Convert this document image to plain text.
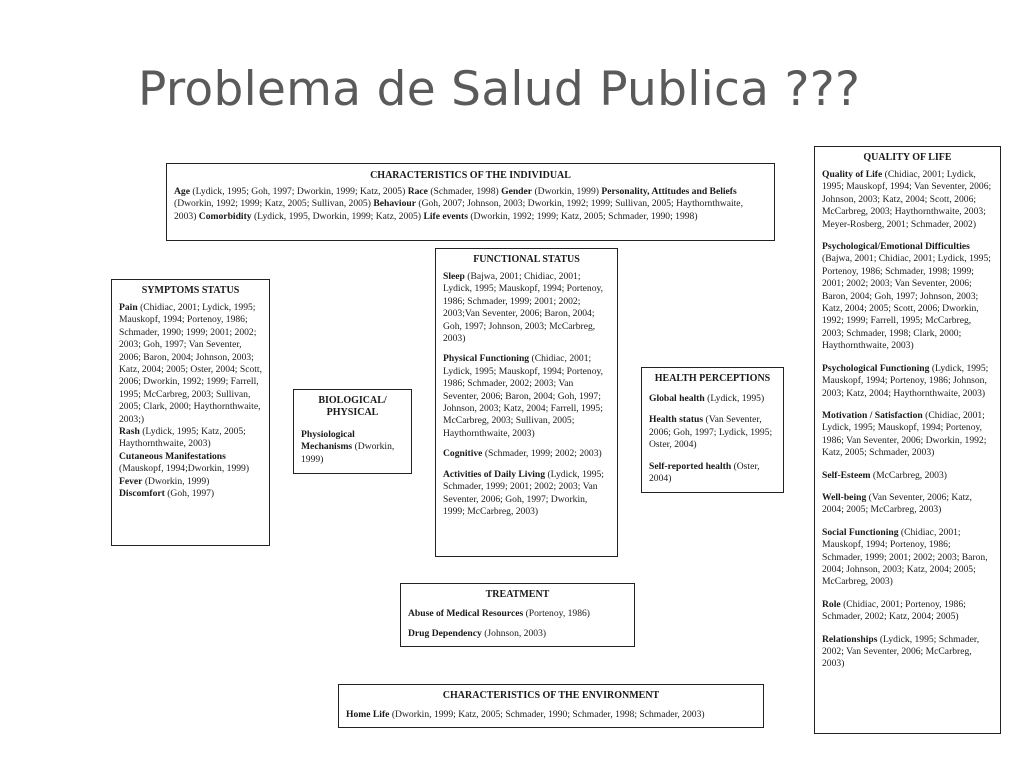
Problema de Salud Publica ???
CHARACTERISTICS OF THE INDIVIDUAL

Age (Lydick, 1995; Goh, 1997; Dworkin, 1999; Katz, 2005) Race (Schmader, 1998) Gender (Dworkin, 1999) Personality, Attitudes and Beliefs (Dworkin, 1992; 1999; Katz, 2005; Sullivan, 2005) Behaviour (Goh, 2007; Johnson, 2003; Dworkin, 1992; 1999; Sullivan, 2005; Haythornthwaite, 2003) Comorbidity (Lydick, 1995, Dworkin, 1999; Katz, 2005) Life events (Dworkin, 1992; 1999; Katz, 2005; Schmader, 1990; 1998)

SYMPTOMS STATUS
Pain (Chidiac, 2001; Lydick, 1995; Mauskopf, 1994; Portenoy, 1986; Schmader, 1990; 1999; 2001; 2002; 2003; Goh, 1997; Van Seventer, 2006; Baron, 2004; Johnson, 2003; Katz, 2004; 2005; Oster, 2004; Scott, 2006; Dworkin, 1992; 1999; Farrell, 1995; McCarbreg, 2003; Sullivan, 2005; Clark, 2000; Haythornthwaite, 2003;)
Rash (Lydick, 1995; Katz, 2005; Haythornthwaite, 2003)
Cutaneous Manifestations (Mauskopf, 1994;Dworkin, 1999)
Fever (Dworkin, 1999)
Discomfort (Goh, 1997)
BIOLOGICAL/ PHYSICAL
Physiological Mechanisms (Dworkin, 1999)
FUNCTIONAL STATUS
Sleep (Bajwa, 2001; Chidiac, 2001; Lydick, 1995; Mauskopf, 1994; Portenoy, 1986; Schmader, 1999; 2001; 2002; 2003;Van Seventer, 2006; Baron, 2004; Goh, 1997; Johnson, 2003; McCarbreg, 2003)
Physical Functioning (Chidiac, 2001; Lydick, 1995; Mauskopf, 1994; Portenoy, 1986; Schmader, 2002; 2003; Van Seventer, 2006; Baron, 2004; Goh, 1997; Johnson, 2003; Katz, 2004; Farrell, 1995; McCarbreg, 2003; Sullivan, 2005; Haythornthwaite, 2003)
Cognitive (Schmader, 1999; 2002; 2003)
Activities of Daily Living (Lydick, 1995; Schmader, 1999; 2001; 2002; 2003; Van Seventer, 2006; Goh, 1997; Dworkin, 1999; McCarbreg, 2003)
HEALTH PERCEPTIONS
Global health (Lydick, 1995)
Health status (Van Seventer, 2006; Goh, 1997; Lydick, 1995; Oster, 2004)
Self-reported health (Oster, 2004)
TREATMENT
Abuse of Medical Resources (Portenoy, 1986)
Drug Dependency (Johnson, 2003)
CHARACTERISTICS OF THE ENVIRONMENT
Home Life (Dworkin, 1999; Katz, 2005; Schmader, 1990; Schmader, 1998; Schmader, 2003)
QUALITY OF LIFE
Quality of Life (Chidiac, 2001; Lydick, 1995; Mauskopf, 1994; Van Seventer, 2006; Johnson, 2003; Katz, 2004; Scott, 2006; McCarbreg, 2003; Haythornthwaite, 2003; Meyer-Rosberg, 2001; Schmader, 2002)
Psychological/Emotional Difficulties (Bajwa, 2001; Chidiac, 2001; Lydick, 1995; Portenoy, 1986; Schmader, 1998; 1999; 2001; 2002; 2003; Van Seventer, 2006; Baron, 2004; Goh, 1997; Johnson, 2003; Katz, 2004; 2005; Scott, 2006; Dworkin, 1992; 1999; Farrell, 1995; McCarbreg, 2003; Schmader, 1998; Clark, 2000; Haythornthwaite, 2003)
Psychological Functioning (Lydick, 1995; Mauskopf, 1994; Portenoy, 1986; Johnson, 2003; Katz, 2004; Haythornthwaite, 2003)
Motivation / Satisfaction (Chidiac, 2001; Lydick, 1995; Mauskopf, 1994; Portenoy, 1986; Van Seventer, 2006; Dworkin, 1992; Katz, 2005; Schmader, 2003)
Self-Esteem (McCarbreg, 2003)
Well-being (Van Seventer, 2006; Katz, 2004; 2005; McCarbreg, 2003)
Social Functioning (Chidiac, 2001; Mauskopf, 1994; Portenoy, 1986; Schmader, 1999; 2001; 2002; 2003; Baron, 2004; Johnson, 2003; Katz, 2004; 2005; McCarbreg, 2003)
Role (Chidiac, 2001; Portenoy, 1986; Schmader, 2002; Katz, 2004; 2005)
Relationships (Lydick, 1995; Schmader, 2002; Van Seventer, 2006; McCarbreg, 2003)
